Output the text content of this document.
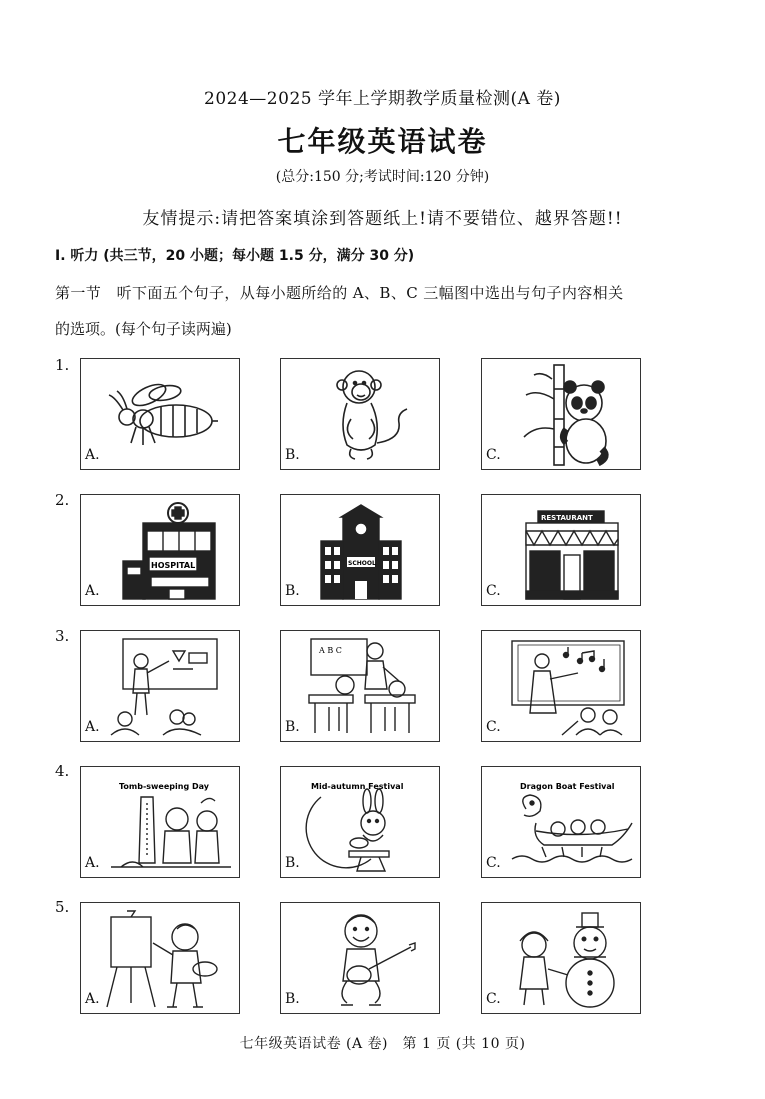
2024—2025 学年上学期教学质量检测(A 卷)
七年级英语试卷
(总分:150 分;考试时间:120 分钟)
友情提示:请把答案填涂到答题纸上!请不要错位、越界答题!!
I. 听力 (共三节，20 小题；每小题 1.5 分，满分 30 分)
第一节　听下面五个句子，从每小题所给的 A、B、C 三幅图中选出与句子内容相关
的选项。(每个句子读两遍)
1.
A.	B.	C.
2.
HOSPITAL
A.
SCHOOL
B.
RESTAURANT
C.
3.
A.
A B C
B.	C.
4.
Tomb-sweeping Day
A.
Mid-autumn Festival
B.
Dragon Boat Festival
C.
5.
A.	B.	C.
七年级英语试卷 (A 卷)　第 1 页 (共 10 页)
